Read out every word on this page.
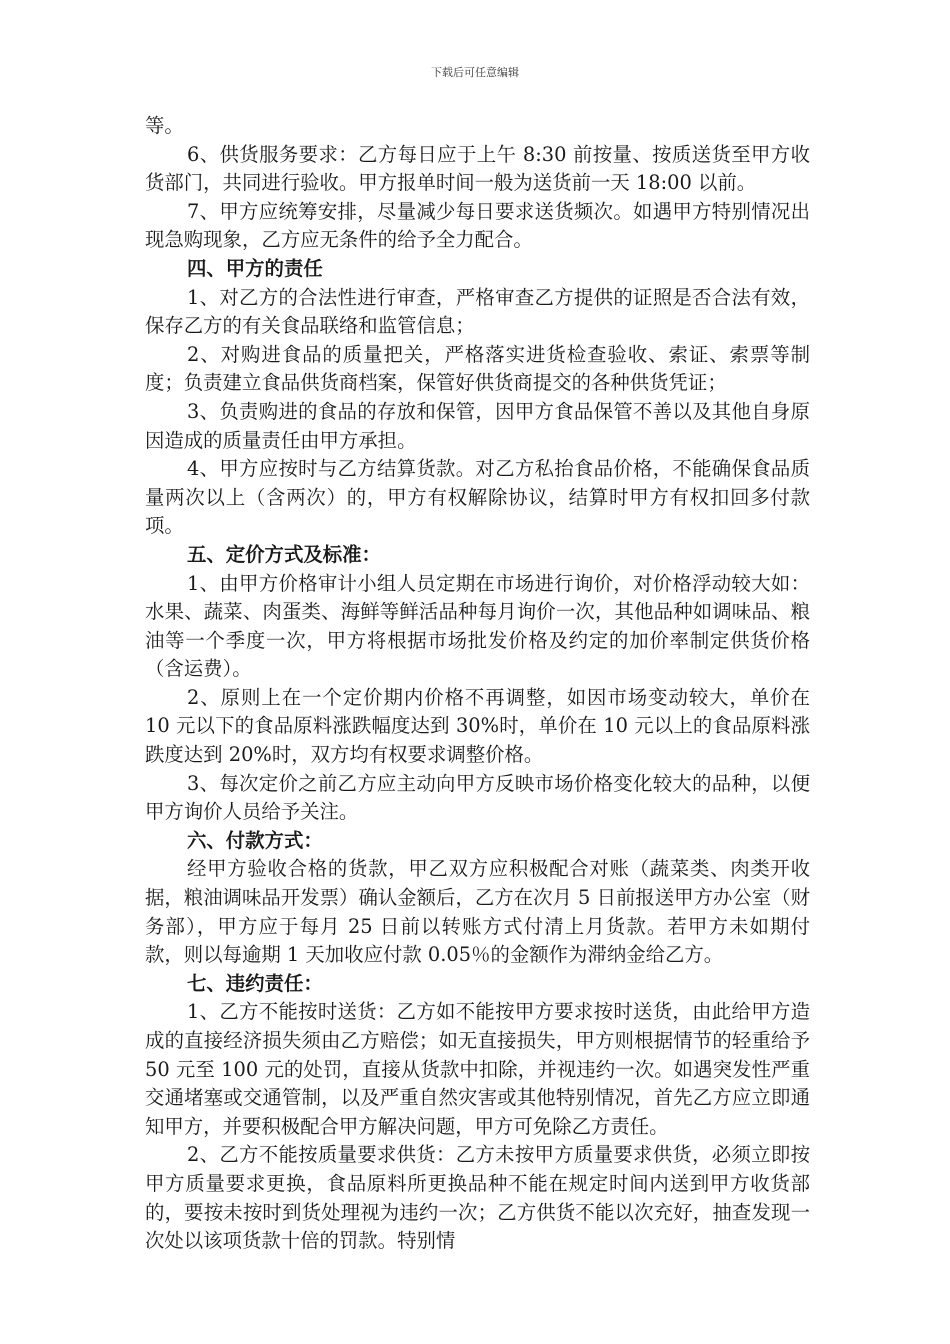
下载后可任意编辑

等。

6、供货服务要求：乙方每日应于上午 8:30 前按量、按质送货至甲方收货部门，共同进行验收。甲方报单时间一般为送货前一天 18:00 以前。

7、甲方应统筹安排，尽量减少每日要求送货频次。如遇甲方特别情况出现急购现象，乙方应无条件的给予全力配合。

四、甲方的责任

1、对乙方的合法性进行审查，严格审查乙方提供的证照是否合法有效，保存乙方的有关食品联络和监管信息；

2、对购进食品的质量把关，严格落实进货检查验收、索证、索票等制度；负责建立食品供货商档案，保管好供货商提交的各种供货凭证；

3、负责购进的食品的存放和保管，因甲方食品保管不善以及其他自身原因造成的质量责任由甲方承担。

4、甲方应按时与乙方结算货款。对乙方私抬食品价格，不能确保食品质量两次以上（含两次）的，甲方有权解除协议，结算时甲方有权扣回多付款项。

五、定价方式及标准：

1、由甲方价格审计小组人员定期在市场进行询价，对价格浮动较大如：水果、蔬菜、肉蛋类、海鲜等鲜活品种每月询价一次，其他品种如调味品、粮油等一个季度一次，甲方将根据市场批发价格及约定的加价率制定供货价格（含运费）。

2、原则上在一个定价期内价格不再调整，如因市场变动较大，单价在 10 元以下的食品原料涨跌幅度达到 30%时，单价在 10 元以上的食品原料涨跌度达到 20%时，双方均有权要求调整价格。

3、每次定价之前乙方应主动向甲方反映市场价格变化较大的品种，以便甲方询价人员给予关注。

六、付款方式：

经甲方验收合格的货款，甲乙双方应积极配合对账（蔬菜类、肉类开收据，粮油调味品开发票）确认金额后，乙方在次月 5 日前报送甲方办公室（财务部），甲方应于每月 25 日前以转账方式付清上月货款。若甲方未如期付款，则以每逾期 1 天加收应付款 0.05％的金额作为滞纳金给乙方。

七、违约责任：

1、乙方不能按时送货：乙方如不能按甲方要求按时送货，由此给甲方造成的直接经济损失须由乙方赔偿；如无直接损失，甲方则根据情节的轻重给予 50 元至 100 元的处罚，直接从货款中扣除，并视违约一次。如遇突发性严重交通堵塞或交通管制，以及严重自然灾害或其他特别情况，首先乙方应立即通知甲方，并要积极配合甲方解决问题，甲方可免除乙方责任。

2、乙方不能按质量要求供货：乙方未按甲方质量要求供货，必须立即按甲方质量要求更换，食品原料所更换品种不能在规定时间内送到甲方收货部的，要按未按时到货处理视为违约一次；乙方供货不能以次充好，抽查发现一次处以该项货款十倍的罚款。特别情
